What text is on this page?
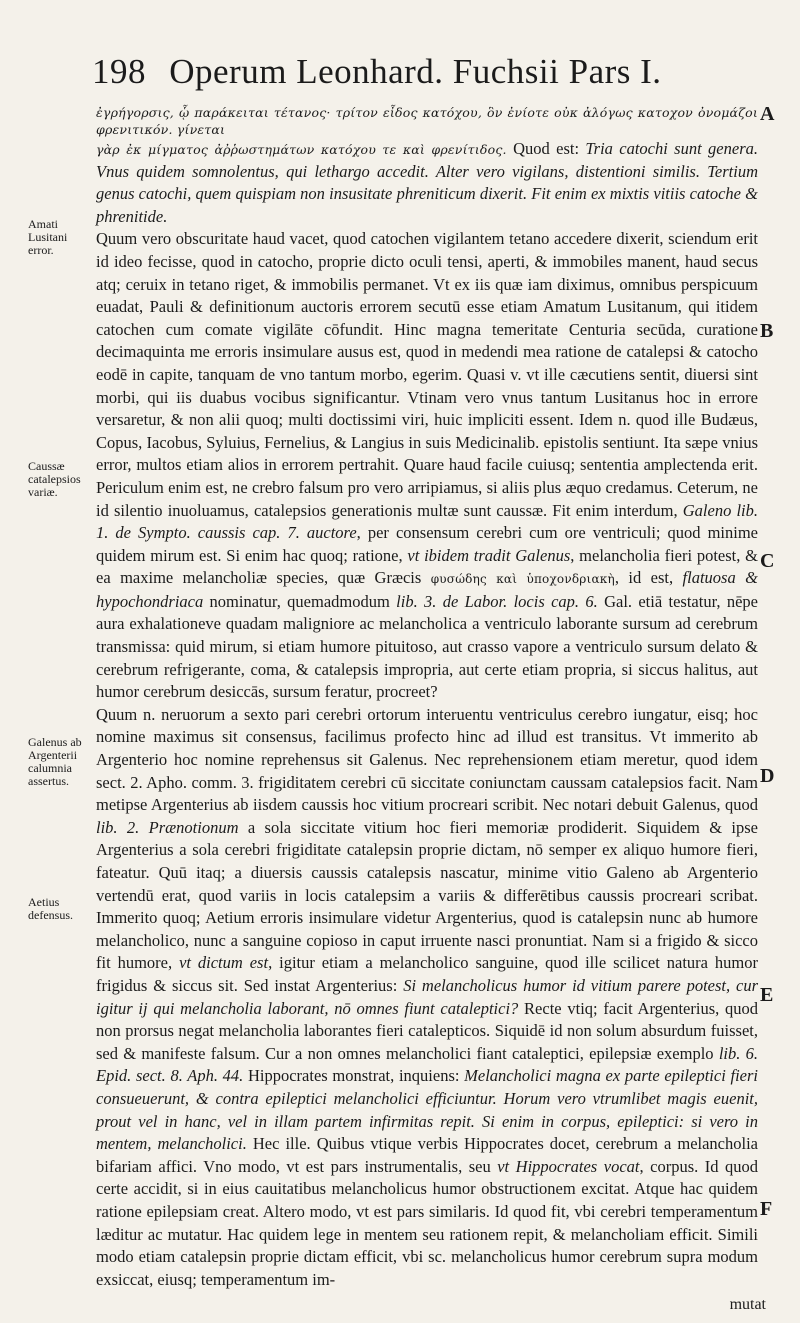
198 Operum Leonhard. Fuchsii Pars I.
ἐγρήγορσις, ᾧ παράκειται τέτανος· τρίτον εἶδος κατόχου, ὃν ἐνίοτε οὐκ ἀλόγως κατοχον ὀνομάζοι φρενιτικόν. γίνεται
γὰρ ἐκ μίγματος ἀῤῥωστημάτων κατόχου τε καὶ φρενίτιδος. Quod est: Tria catochi sunt genera. Vnus quidem somnolentus, qui lethargo accedit. Alter vero vigilans, distentioni similis. Tertium genus catochi, quem quispiam non insusitate phreniticum dixerit. Fit enim ex mixtis vitiis catoche & phrenitide.

Quum vero obscuritate haud vacet, quod catochen vigilantem tetano accedere dixerit, sciendum erit id ideo fecisse, quod in catocho, proprie dicto oculi tensi, aperti, & immobiles manent, haud secus atq; ceruix in tetano riget, & immobilis permanet. Vt ex iis quæ iam diximus, omnibus perspicuum euadat, Pauli & definitionum auctoris errorem secutū esse etiam Amatum Lusitanum, qui itidem catochen cum comate vigilāte cōfundit. Hinc magna temeritate Centuria secūda, curatione decimaquinta me erroris insimulare ausus est, quod in medendi mea ratione de catalepsi & catocho eodē in capite, tanquam de vno tantum morbo, egerim. Quasi v. vt ille cæcutiens sentit, diuersi sint morbi, qui iis duabus vocibus significantur. Vtinam vero vnus tantum Lusitanus hoc in errore versaretur, & non alii quoq; multi doctissimi viri, huic impliciti essent. Idem n. quod ille Budæus, Copus, Iacobus, Syluius, Fernelius, & Langius in suis Medicinalib. epistolis sentiunt. Ita sæpe vnius error, multos etiam alios in errorem pertrahit. Quare haud facile cuiusq; sententia amplectenda erit. Periculum enim est, ne crebro falsum pro vero arripiamus, si aliis plus æquo credamus. Ceterum, ne id silentio inuoluamus, catalepsios generationis multæ sunt caussæ. Fit enim interdum, Galeno lib. 1. de Sympto. caussis cap. 7. auctore, per consensum cerebri cum ore ventriculi; quod minime quidem mirum est. Si enim hac quoq; ratione, vt ibidem tradit Galenus, melancholia fieri potest, & ea maxime melancholiæ species, quæ Græcis φυσώδης καὶ ὑποχονδριακὴ, id est, flatuosa & hypochondriaca nominatur, quemadmodum lib. 3. de Labor. locis cap. 6. Gal. etiā testatur, nēpe aura exhalationeve quadam maligniore ac melancholica a ventriculo laborante sursum ad cerebrum transmissa: quid mirum, si etiam humore pituitoso, aut crasso vapore a ventriculo sursum delato & cerebrum refrigerante, coma, & catalepsis impropria, aut certe etiam propria, si siccus halitus, aut humor cerebrum desiccās, sursum feratur, procreet?

Quum n. neruorum a sexto pari cerebri ortorum interuentu ventriculus cerebro iungatur, eisq; hoc nomine maximus sit consensus, facilimus profecto hinc ad illud est transitus. Vt immerito ab Argenterio hoc nomine reprehensus sit Galenus. Nec reprehensionem etiam meretur, quod idem sect. 2. Apho. comm. 3. frigiditatem cerebri cū siccitate coniunctam caussam catalepsios facit. Nam metipse Argenterius ab iisdem caussis hoc vitium procreari scribit. Nec notari debuit Galenus, quod lib. 2. Prænotionum a sola siccitate vitium hoc fieri memoriæ prodiderit. Siquidem & ipse Argenterius a sola cerebri frigiditate catalepsin proprie dictam, nō semper ex aliquo humore fieri, fateatur. Quū itaq; a diuersis caussis catalepsis nascatur, minime vitio Galeno ab Argenterio vertendū erat, quod variis in locis catalepsim a variis & differētibus caussis procreari scribat. Immerito quoq; Aetium erroris insimulare videtur Argenterius, quod is catalepsin nunc ab humore melancholico, nunc a sanguine copioso in caput irruente nasci pronuntiat. Nam si a frigido & sicco fit humore, vt dictum est, igitur etiam a melancholico sanguine, quod ille scilicet natura humor frigidus & siccus sit. Sed instat Argenterius: Si melancholicus humor id vitium parere potest, cur igitur ij qui melancholia laborant, nō omnes fiunt cataleptici? Recte vtiq; facit Argenterius, quod non prorsus negat melancholia laborantes fieri catalepticos. Siquidē id non solum absurdum fuisset, sed & manifeste falsum. Cur a non omnes melancholici fiant cataleptici, epilepsiæ exemplo lib. 6. Epid. sect. 8. Aph. 44. Hippocrates monstrat, inquiens: Melancholici magna ex parte epileptici fieri consueuerunt, & contra epileptici melancholici efficiuntur. Horum vero vtrumlibet magis euenit, prout vel in hanc, vel in illam partem infirmitas repit. Si enim in corpus, epileptici: si vero in mentem, melancholici. Hec ille. Quibus vtique verbis Hippocrates docet, cerebrum a melancholia bifariam affici. Vno modo, vt est pars instrumentalis, seu vt Hippocrates vocat, corpus. Id quod certe accidit, si in eius cauitatibus melancholicus humor obstructionem excitat. Atque hac quidem ratione epilepsiam creat. Altero modo, vt est pars similaris. Id quod fit, vbi cerebri temperamentum læditur ac mutatur. Hac quidem lege in mentem seu rationem repit, & melancholiam efficit. Simili modo etiam catalepsin proprie dictam efficit, vbi sc. melancholicus humor cerebrum supra modum exsiccat, eiusq; temperamentum im-

Amati Lusitani error.
Caussæ catalepsios variæ.
Galenus ab Argenterii calumnia assertus.
Aetius defensus.
A
B
C
D
E
F
mutat
